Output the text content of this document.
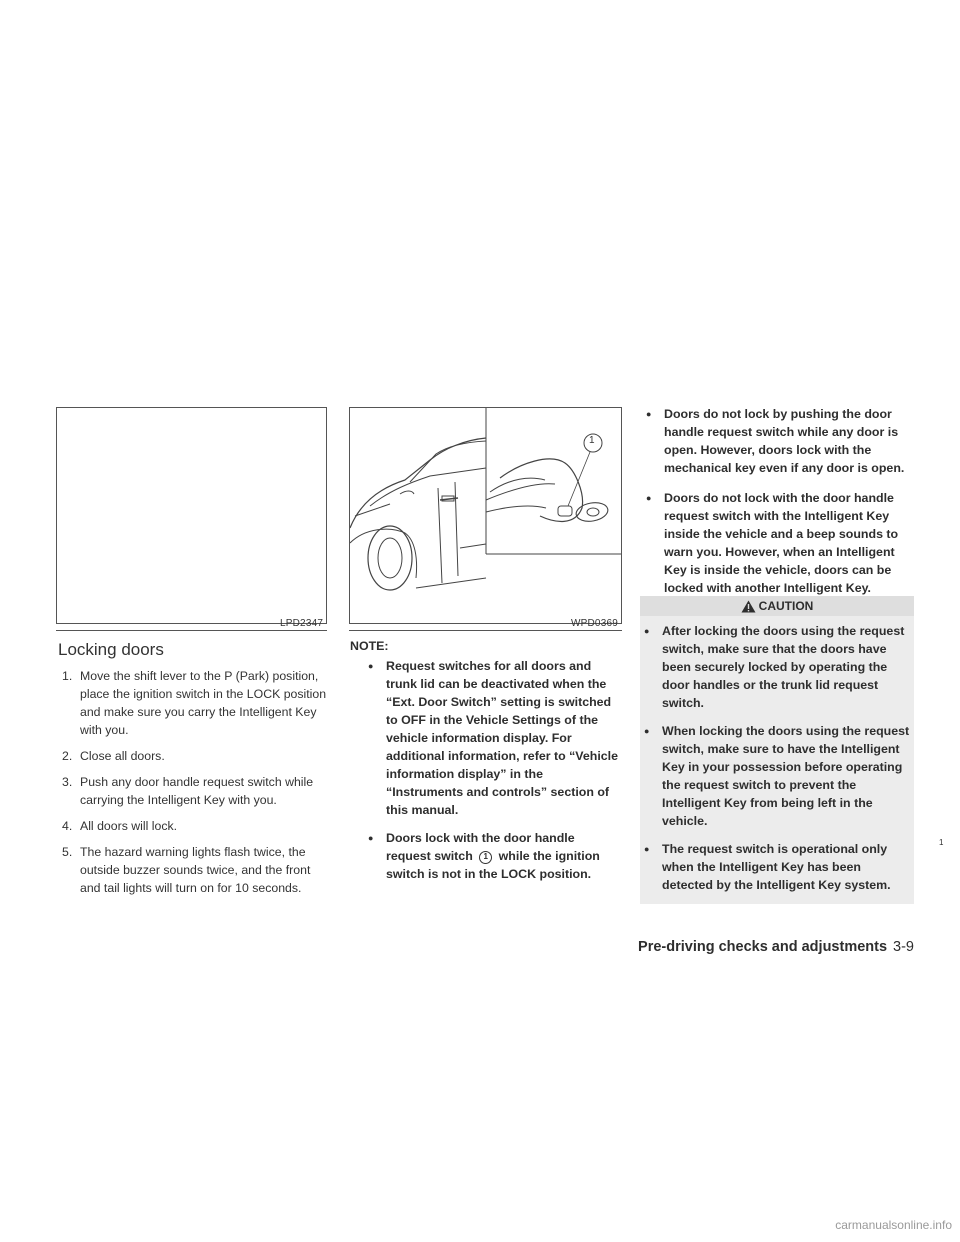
LPD2347
1
1
WPD0369
Locking doors
1. Move the shift lever to the P (Park) position, place the ignition switch in the LOCK position and make sure you carry the Intelligent Key with you.
2. Close all doors.
3. Push any door handle request switch while carrying the Intelligent Key with you.
4. All doors will lock.
5. The hazard warning lights flash twice, the outside buzzer sounds twice, and the front and tail lights will turn on for 10 seconds.
NOTE:
● Request switches for all doors and trunk lid can be deactivated when the “Ext. Door Switch” setting is switched to OFF in the Vehicle Settings of the vehicle information display. For additional information, refer to “Vehicle information display” in the “Instruments and controls” section of this manual.
● Doors lock with the door handle request switch 1 while the ignition switch is not in the LOCK position.
● Doors do not lock by pushing the door handle request switch while any door is open. However, doors lock with the mechanical key even if any door is open.
● Doors do not lock with the door handle request switch with the Intelligent Key inside the vehicle and a beep sounds to warn you. However, when an Intelligent Key is inside the vehicle, doors can be locked with another Intelligent Key.
CAUTION
● After locking the doors using the request switch, make sure that the doors have been securely locked by operating the door handles or the trunk lid request switch.
● When locking the doors using the request switch, make sure to have the Intelligent Key in your possession before operating the request switch to prevent the Intelligent Key from being left in the vehicle.
● The request switch is operational only when the Intelligent Key has been detected by the Intelligent Key system.
Pre-driving checks and adjustments 3-9
carmanualsonline.info
